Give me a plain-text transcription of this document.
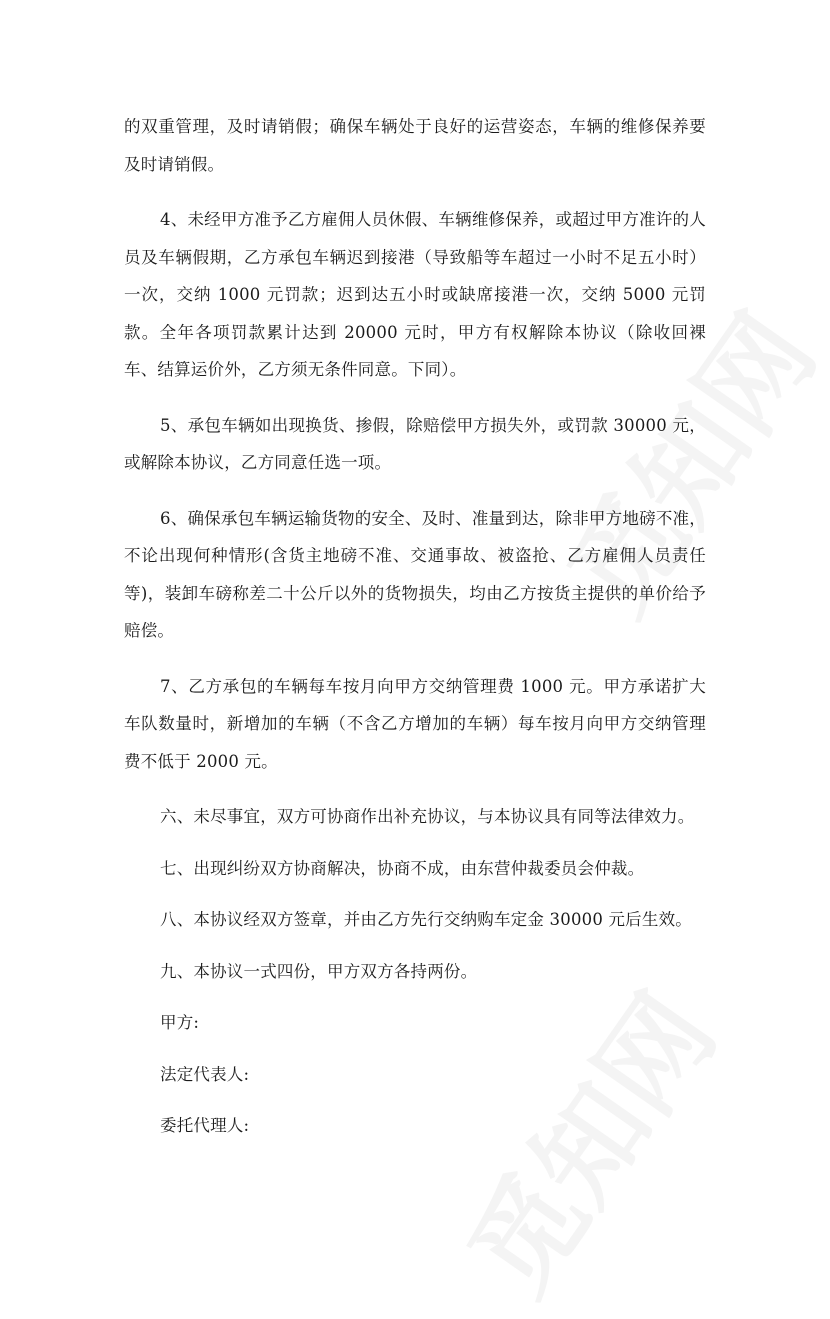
的双重管理，及时请销假；确保车辆处于良好的运营姿态，车辆的维修保养要及时请销假。

4、未经甲方准予乙方雇佣人员休假、车辆维修保养，或超过甲方准许的人员及车辆假期，乙方承包车辆迟到接港（导致船等车超过一小时不足五小时）一次，交纳 1000 元罚款；迟到达五小时或缺席接港一次，交纳 5000 元罚款。全年各项罚款累计达到 20000 元时，甲方有权解除本协议（除收回裸车、结算运价外，乙方须无条件同意。下同）。

5、承包车辆如出现换货、掺假，除赔偿甲方损失外，或罚款 30000 元，或解除本协议，乙方同意任选一项。

6、确保承包车辆运输货物的安全、及时、准量到达，除非甲方地磅不准，不论出现何种情形(含货主地磅不准、交通事故、被盗抢、乙方雇佣人员责任等)，装卸车磅称差二十公斤以外的货物损失，均由乙方按货主提供的单价给予赔偿。

7、乙方承包的车辆每车按月向甲方交纳管理费 1000 元。甲方承诺扩大车队数量时，新增加的车辆（不含乙方增加的车辆）每车按月向甲方交纳管理费不低于 2000 元。

六、未尽事宜，双方可协商作出补充协议，与本协议具有同等法律效力。

七、出现纠纷双方协商解决，协商不成，由东营仲裁委员会仲裁。

八、本协议经双方签章，并由乙方先行交纳购车定金 30000 元后生效。

九、本协议一式四份，甲方双方各持两份。

甲方:

法定代表人:

委托代理人:
